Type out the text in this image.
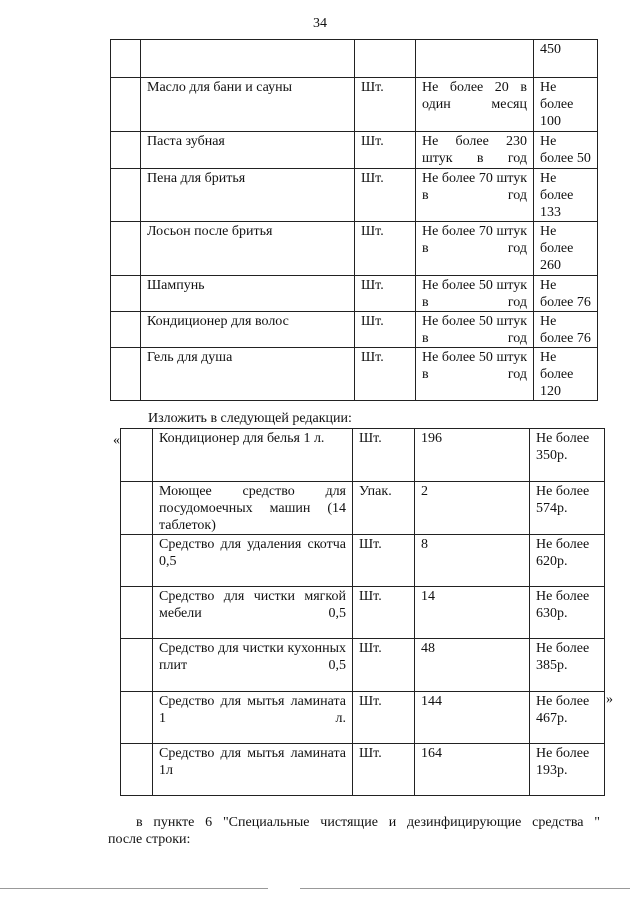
34
				450
	Масло для бани и сауны	Шт.	Не более 20 в один месяц	Не более 100
	Паста зубная	Шт.	Не более 230 штук в год	Не более 50
	Пена для бритья	Шт.	Не более 70 штук в год	Не более 133
	Лосьон после бритья	Шт.	Не более 70 штук в год	Не более 260
	Шампунь	Шт.	Не более 50 штук в год	Не более 76
	Кондиционер для волос	Шт.	Не более 50 штук в год	Не более 76
	Гель для душа	Шт.	Не более 50 штук в год	Не более 120
Изложить в следующей редакции:
«
»
	Кондиционер для белья 1 л.	Шт.	196	Не более 350р.
	Моющее средство для посудомоечных машин (14 таблеток)	Упак.	2	Не более 574р.
	Средство для удаления скотча 0,5	Шт.	8	Не более 620р.
	Средство для чистки мягкой мебели 0,5	Шт.	14	Не более 630р.
	Средство для чистки кухонных плит 0,5	Шт.	48	Не более 385р.
	Средство для мытья ламината 1 л.	Шт.	144	Не более 467р.
	Средство для мытья ламината 1л	Шт.	164	Не более 193р.
в пункте 6 "Специальные чистящие и дезинфицирующие средства "
после строки:
